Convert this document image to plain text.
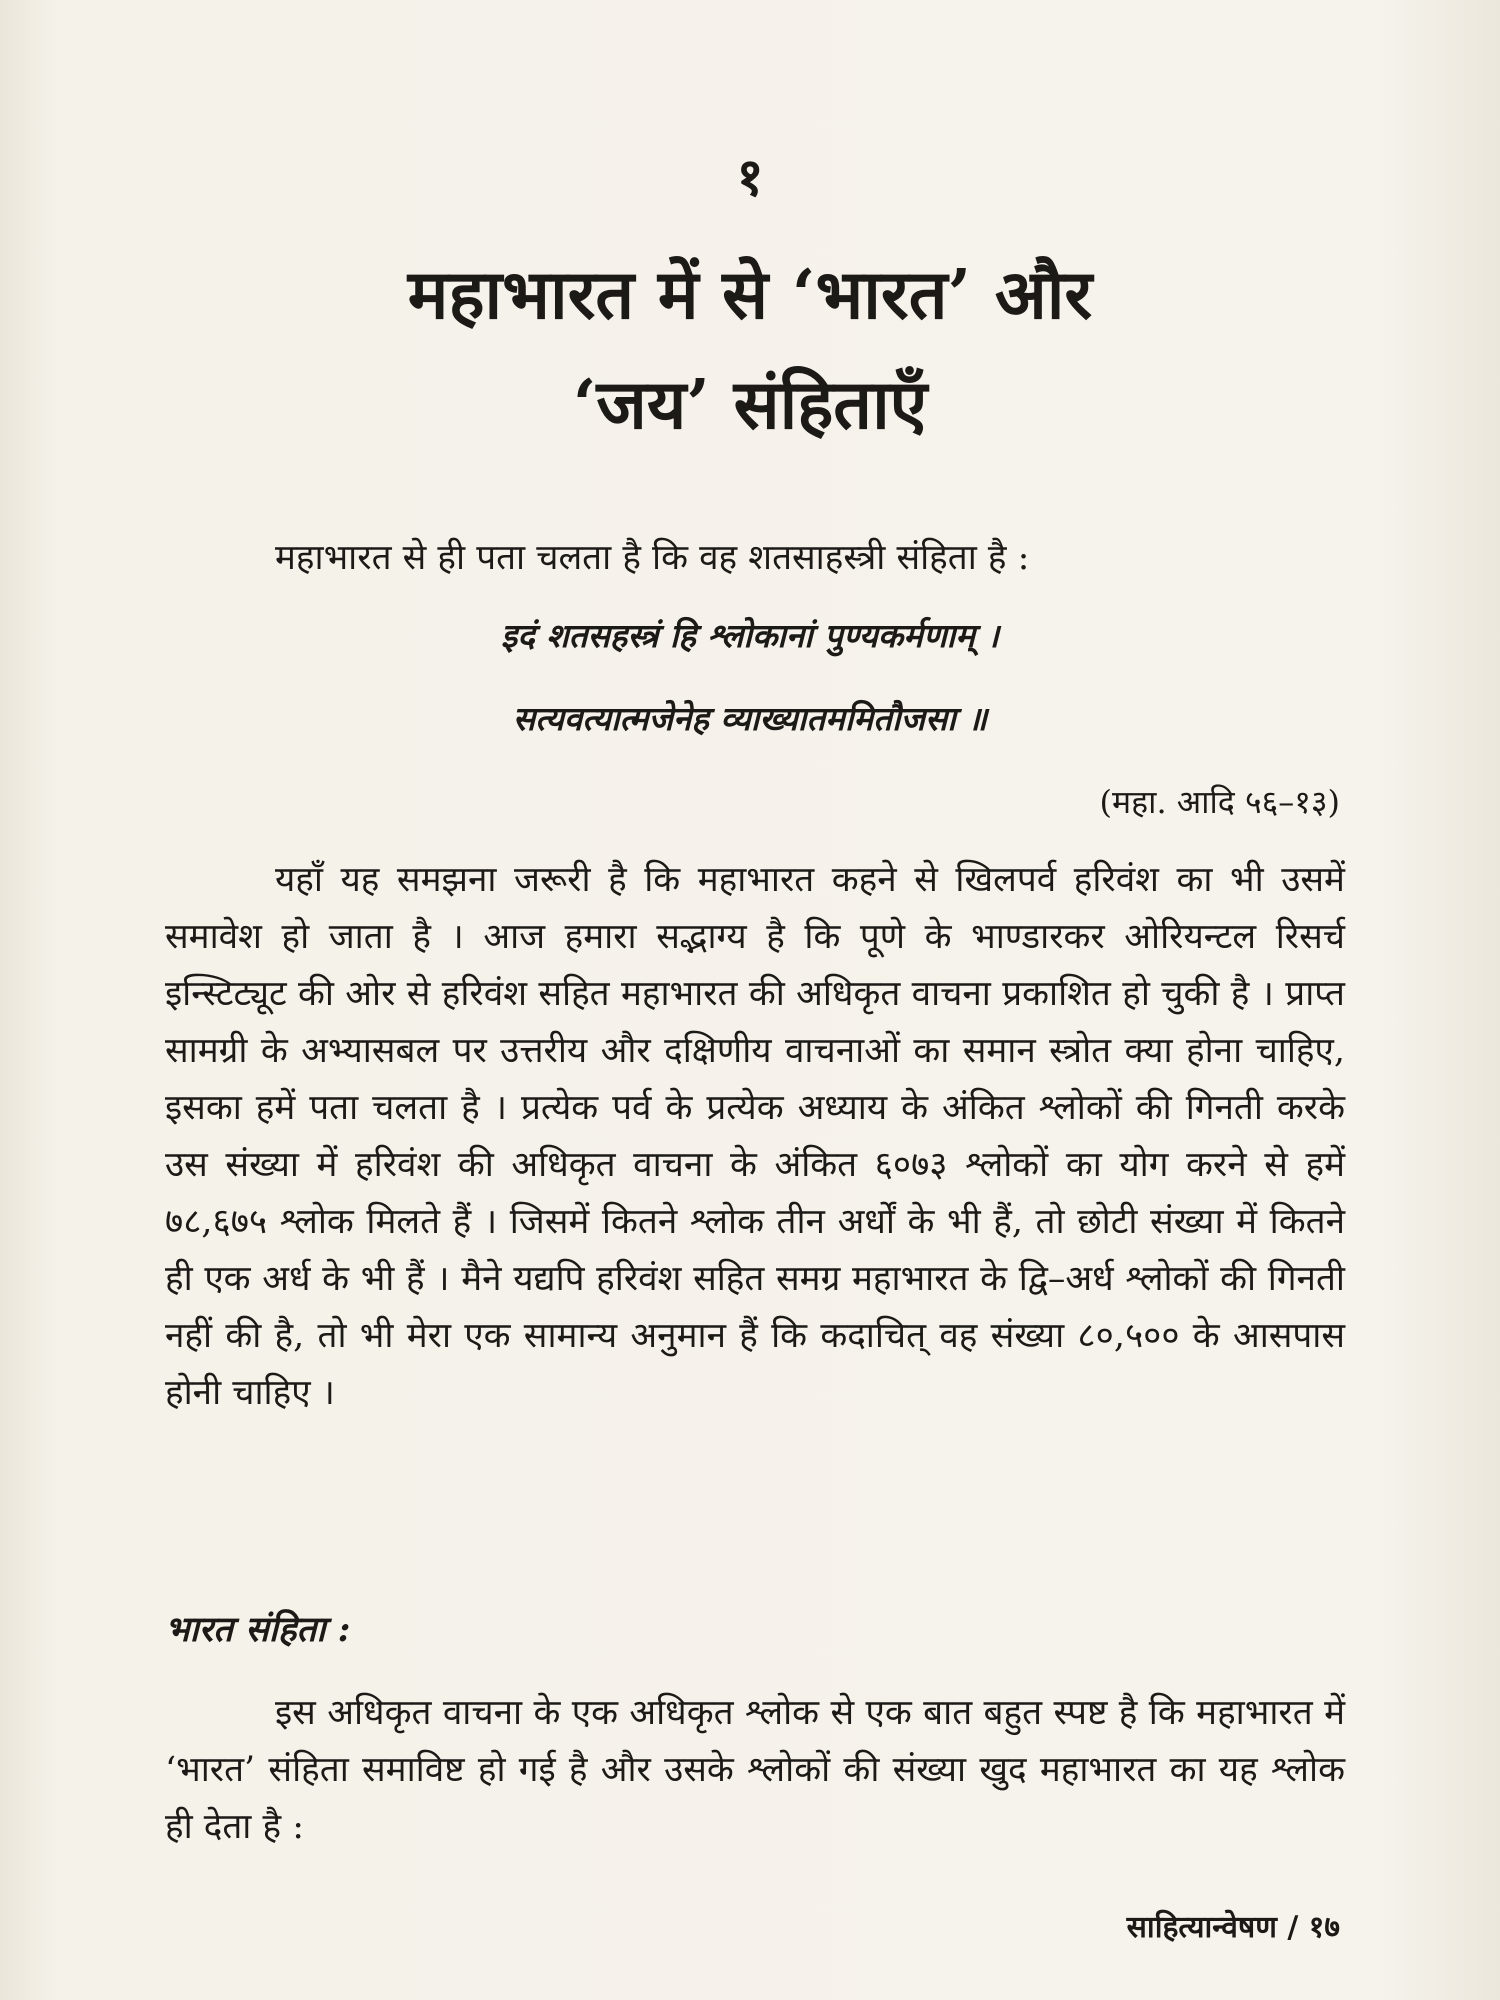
१
महाभारत में से ‘भारत’ और
‘जय’ संहिताएँ
महाभारत से ही पता चलता है कि वह शतसाहस्त्री संहिता है :
इदं शतसहस्त्रं हि श्लोकानां पुण्यकर्मणाम् ।
सत्यवत्यात्मजेनेह व्याख्यातममितौजसा ॥
(महा. आदि ५६–१३)
यहाँ यह समझना जरूरी है कि महाभारत कहने से खिलपर्व हरिवंश का भी उसमें समावेश हो जाता है । आज हमारा सद्भाग्य है कि पूणे के भाण्डारकर ओरियन्टल रिसर्च इन्स्टिट्यूट की ओर से हरिवंश सहित महाभारत की अधिकृत वाचना प्रकाशित हो चुकी है । प्राप्त सामग्री के अभ्यासबल पर उत्तरीय और दक्षिणीय वाचनाओं का समान स्त्रोत क्या होना चाहिए, इसका हमें पता चलता है । प्रत्येक पर्व के प्रत्येक अध्याय के अंकित श्लोकों की गिनती करके उस संख्या में हरिवंश की अधिकृत वाचना के अंकित ६०७३ श्लोकों का योग करने से हमें ७८,६७५ श्लोक मिलते हैं । जिसमें कितने श्लोक तीन अर्धों के भी हैं, तो छोटी संख्या में कितने ही एक अर्ध के भी हैं । मैने यद्यपि हरिवंश सहित समग्र महाभारत के द्वि–अर्ध श्लोकों की गिनती नहीं की है, तो भी मेरा एक सामान्य अनुमान हैं कि कदाचित् वह संख्या ८०,५०० के आसपास होनी चाहिए ।
भारत संहिता :
इस अधिकृत वाचना के एक अधिकृत श्लोक से एक बात बहुत स्पष्ट है कि महाभारत में ‘भारत’ संहिता समाविष्ट हो गई है और उसके श्लोकों की संख्या खुद महाभारत का यह श्लोक ही देता है :
साहित्यान्वेषण / १७
